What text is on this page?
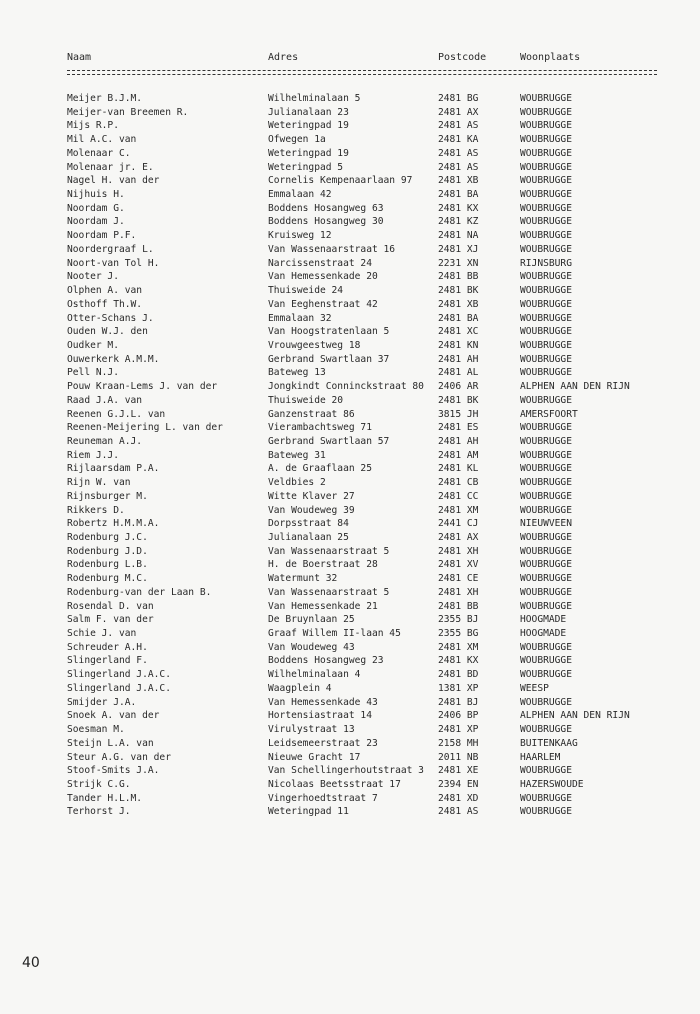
Naam	Adres	Postcode	Woonplaats
Meijer B.J.M.	Wilhelminalaan 5	2481 BG	WOUBRUGGE
Meijer-van Breemen R.	Julianalaan 23	2481 AX	WOUBRUGGE
Mijs R.P.	Weteringpad 19	2481 AS	WOUBRUGGE
Mil A.C. van	Ofwegen 1a	2481 KA	WOUBRUGGE
Molenaar C.	Weteringpad 19	2481 AS	WOUBRUGGE
Molenaar jr. E.	Weteringpad 5	2481 AS	WOUBRUGGE
Nagel H. van der	Cornelis Kempenaarlaan 97	2481 XB	WOUBRUGGE
Nijhuis H.	Emmalaan 42	2481 BA	WOUBRUGGE
Noordam G.	Boddens Hosangweg 63	2481 KX	WOUBRUGGE
Noordam J.	Boddens Hosangweg 30	2481 KZ	WOUBRUGGE
Noordam P.F.	Kruisweg 12	2481 NA	WOUBRUGGE
Noordergraaf L.	Van Wassenaarstraat 16	2481 XJ	WOUBRUGGE
Noort-van Tol H.	Narcissenstraat 24	2231 XN	RIJNSBURG
Nooter J.	Van Hemessenkade 20	2481 BB	WOUBRUGGE
Olphen A. van	Thuisweide 24	2481 BK	WOUBRUGGE
Osthoff Th.W.	Van Eeghenstraat 42	2481 XB	WOUBRUGGE
Otter-Schans J.	Emmalaan 32	2481 BA	WOUBRUGGE
Ouden W.J. den	Van Hoogstratenlaan 5	2481 XC	WOUBRUGGE
Oudker M.	Vrouwgeestweg 18	2481 KN	WOUBRUGGE
Ouwerkerk A.M.M.	Gerbrand Swartlaan 37	2481 AH	WOUBRUGGE
Pell N.J.	Bateweg 13	2481 AL	WOUBRUGGE
Pouw Kraan-Lems J. van der	Jongkindt Conninckstraat 80	2406 AR	ALPHEN AAN DEN RIJN
Raad J.A. van	Thuisweide 20	2481 BK	WOUBRUGGE
Reenen G.J.L. van	Ganzenstraat 86	3815 JH	AMERSFOORT
Reenen-Meijering L. van der	Vierambachtsweg 71	2481 ES	WOUBRUGGE
Reuneman A.J.	Gerbrand Swartlaan 57	2481 AH	WOUBRUGGE
Riem J.J.	Bateweg 31	2481 AM	WOUBRUGGE
Rijlaarsdam P.A.	A. de Graaflaan 25	2481 KL	WOUBRUGGE
Rijn W. van	Veldbies 2	2481 CB	WOUBRUGGE
Rijnsburger M.	Witte Klaver 27	2481 CC	WOUBRUGGE
Rikkers D.	Van Woudeweg 39	2481 XM	WOUBRUGGE
Robertz H.M.M.A.	Dorpsstraat 84	2441 CJ	NIEUWVEEN
Rodenburg J.C.	Julianalaan 25	2481 AX	WOUBRUGGE
Rodenburg J.D.	Van Wassenaarstraat 5	2481 XH	WOUBRUGGE
Rodenburg L.B.	H. de Boerstraat 28	2481 XV	WOUBRUGGE
Rodenburg M.C.	Watermunt 32	2481 CE	WOUBRUGGE
Rodenburg-van der Laan B.	Van Wassenaarstraat 5	2481 XH	WOUBRUGGE
Rosendal D. van	Van Hemessenkade 21	2481 BB	WOUBRUGGE
Salm F. van der	De Bruynlaan 25	2355 BJ	HOOGMADE
Schie J. van	Graaf Willem II-laan 45	2355 BG	HOOGMADE
Schreuder A.H.	Van Woudeweg 43	2481 XM	WOUBRUGGE
Slingerland F.	Boddens Hosangweg 23	2481 KX	WOUBRUGGE
Slingerland J.A.C.	Wilhelminalaan 4	2481 BD	WOUBRUGGE
Slingerland J.A.C.	Waagplein 4	1381 XP	WEESP
Smijder J.A.	Van Hemessenkade 43	2481 BJ	WOUBRUGGE
Snoek A. van der	Hortensiastraat 14	2406 BP	ALPHEN AAN DEN RIJN
Soesman M.	Virulystraat 13	2481 XP	WOUBRUGGE
Steijn L.A. van	Leidsemeerstraat 23	2158 MH	BUITENKAAG
Steur A.G. van der	Nieuwe Gracht 17	2011 NB	HAARLEM
Stoof-Smits J.A.	Van Schellingerhoutstraat 3	2481 XE	WOUBRUGGE
Strijk C.G.	Nicolaas Beetsstraat 17	2394 EN	HAZERSWOUDE
Tander H.L.M.	Vingerhoedtstraat 7	2481 XD	WOUBRUGGE
Terhorst J.	Weteringpad 11	2481 AS	WOUBRUGGE
40
